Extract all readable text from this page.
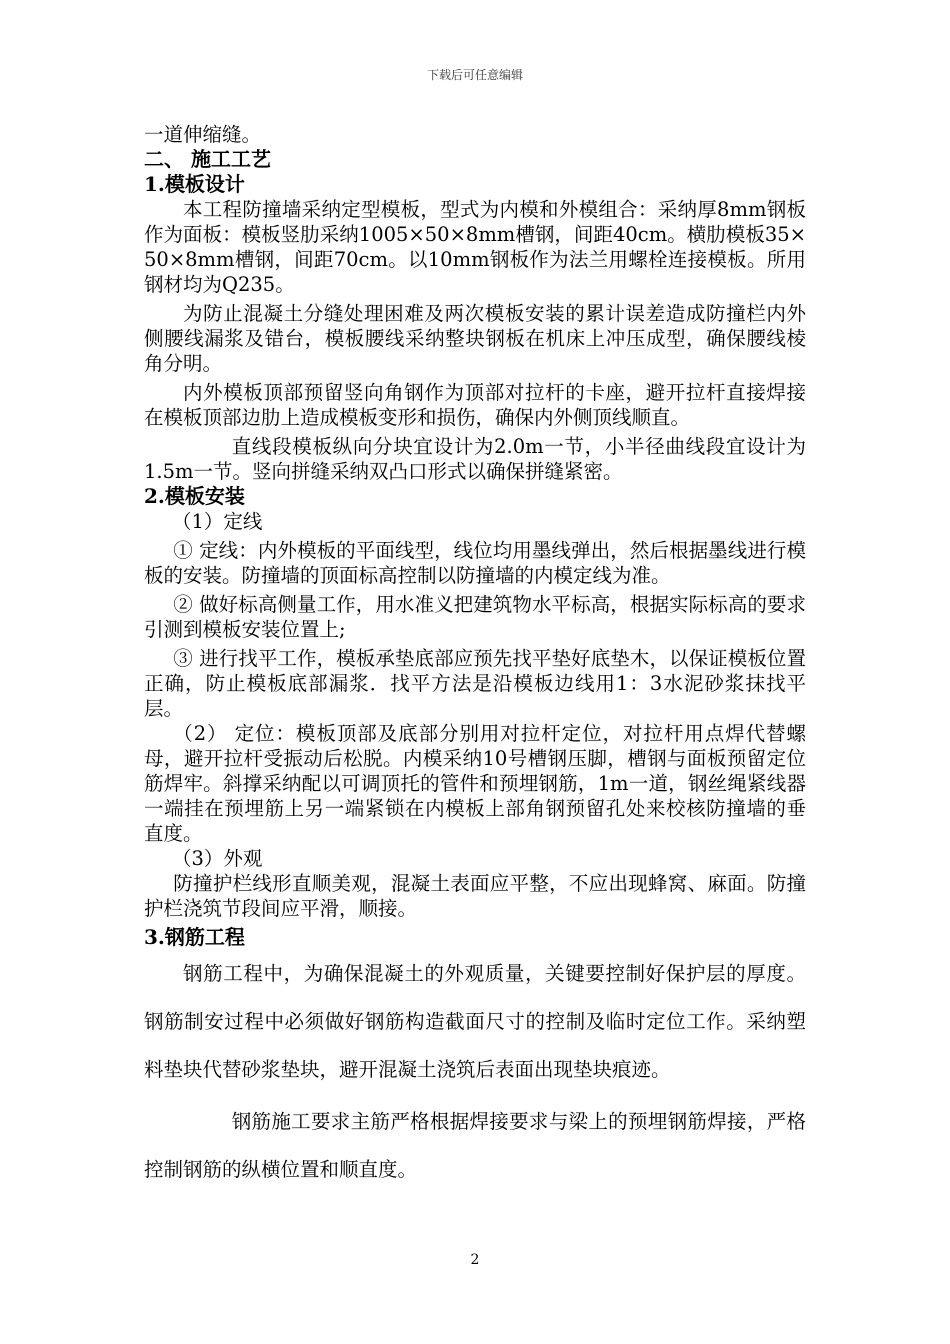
下载后可任意编辑

一道伸缩缝。

二、 施工工艺

1.模板设计

本工程防撞墙采纳定型模板，型式为内模和外模组合：采纳厚8mm钢板作为面板：模板竖肋采纳1005×50×8mm槽钢，间距40cm。横肋模板35×50×8mm槽钢，间距70cm。以10mm钢板作为法兰用螺栓连接模板。所用钢材均为Q235。

为防止混凝土分缝处理困难及两次模板安装的累计误差造成防撞栏内外侧腰线漏浆及错台，模板腰线采纳整块钢板在机床上冲压成型，确保腰线棱角分明。

内外模板顶部预留竖向角钢作为顶部对拉杆的卡座，避开拉杆直接焊接在模板顶部边肋上造成模板变形和损伤，确保内外侧顶线顺直。

直线段模板纵向分块宜设计为2.0m一节，小半径曲线段宜设计为1.5m一节。竖向拼缝采纳双凸口形式以确保拼缝紧密。

2.模板安装

（1）定线

① 定线：内外模板的平面线型，线位均用墨线弹出，然后根据墨线进行模板的安装。防撞墙的顶面标高控制以防撞墙的内模定线为准。

② 做好标高侧量工作，用水准义把建筑物水平标高，根据实际标高的要求引测到模板安装位置上;

③ 进行找平工作，模板承垫底部应预先找平垫好底垫木，以保证模板位置正确，防止模板底部漏浆．找平方法是沿模板边线用1：3水泥砂浆抹找平层。

（2） 定位：模板顶部及底部分别用对拉杆定位，对拉杆用点焊代替螺母，避开拉杆受振动后松脱。内模采纳10号槽钢压脚，槽钢与面板预留定位筋焊牢。斜撑采纳配以可调顶托的管件和预埋钢筋，1m一道，钢丝绳紧线器一端挂在预埋筋上另一端紧锁在内模板上部角钢预留孔处来校核防撞墙的垂直度。

（3）外观

防撞护栏线形直顺美观，混凝土表面应平整，不应出现蜂窝、麻面。防撞护栏浇筑节段间应平滑，顺接。

3.钢筋工程

钢筋工程中，为确保混凝土的外观质量，关键要控制好保护层的厚度。钢筋制安过程中必须做好钢筋构造截面尺寸的控制及临时定位工作。采纳塑料垫块代替砂浆垫块，避开混凝土浇筑后表面出现垫块痕迹。

钢筋施工要求主筋严格根据焊接要求与梁上的预埋钢筋焊接，严格控制钢筋的纵横位置和顺直度。

2
